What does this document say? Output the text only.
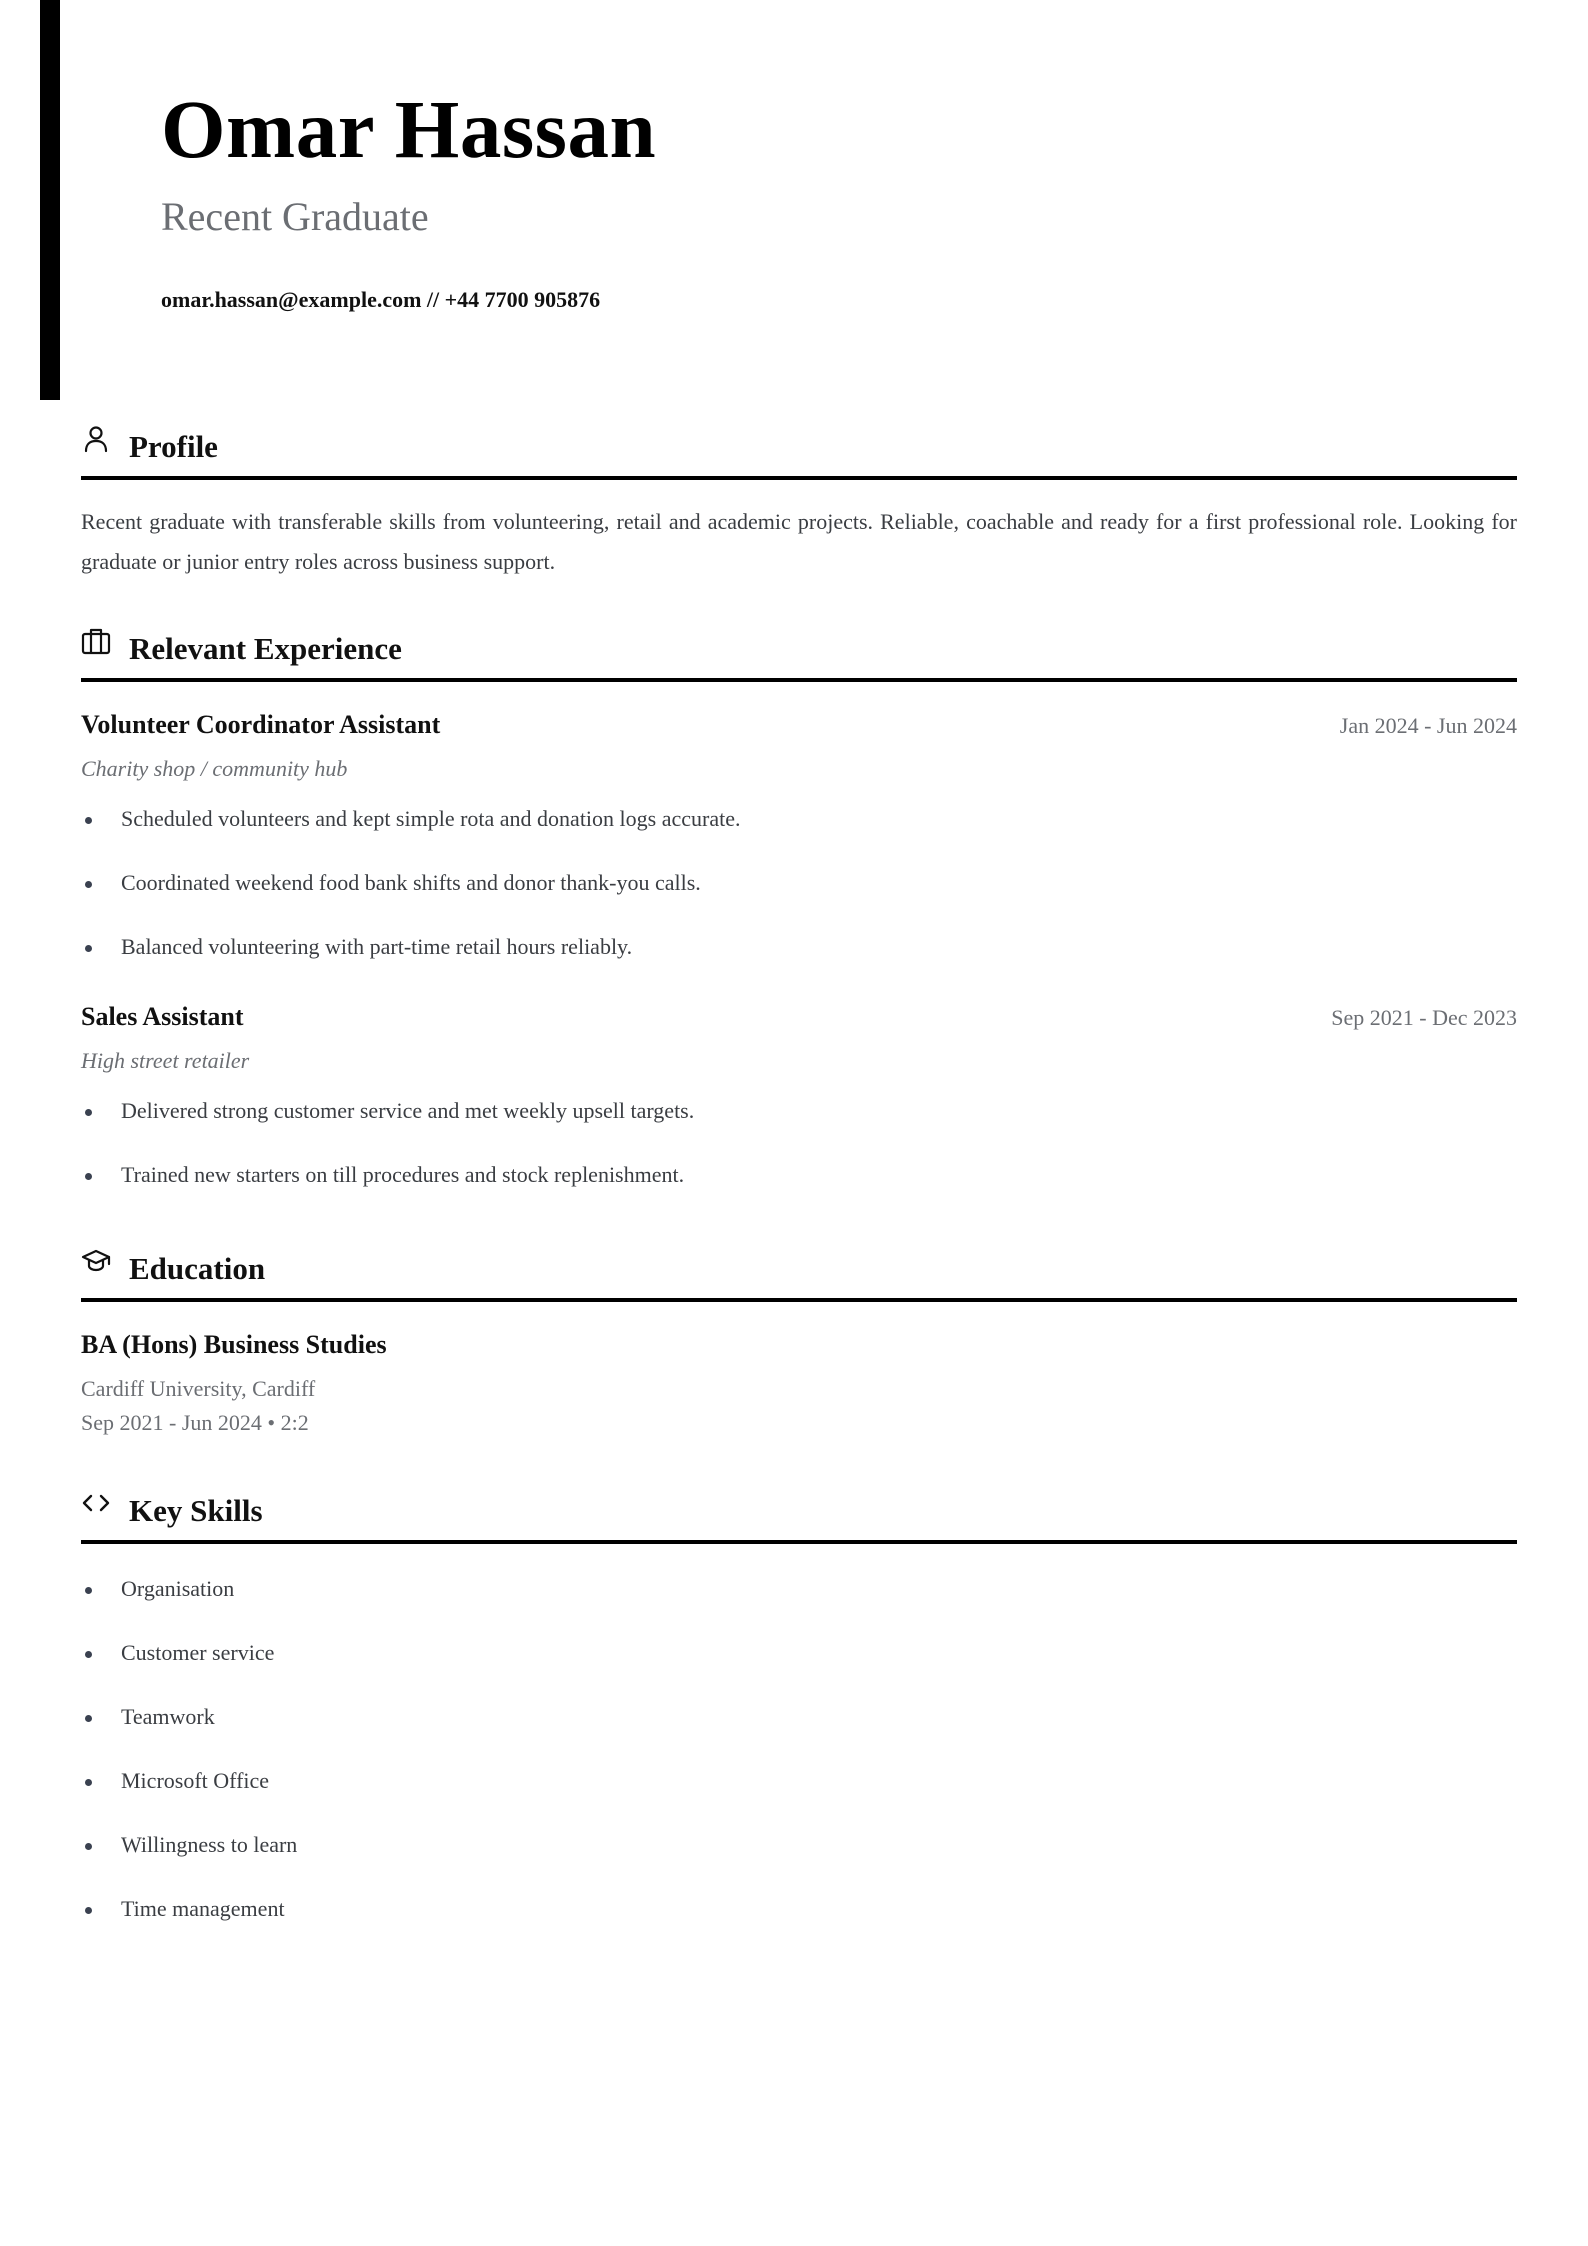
Omar Hassan
Recent Graduate
omar.hassan@example.com // +44 7700 905876
Profile
Recent graduate with transferable skills from volunteering, retail and academic projects. Reliable, coachable and ready for a first professional role. Looking for graduate or junior entry roles across business support.
Relevant Experience
Volunteer Coordinator Assistant	Jan 2024 - Jun 2024
Charity shop / community hub
Scheduled volunteers and kept simple rota and donation logs accurate.
Coordinated weekend food bank shifts and donor thank-you calls.
Balanced volunteering with part-time retail hours reliably.
Sales Assistant	Sep 2021 - Dec 2023
High street retailer
Delivered strong customer service and met weekly upsell targets.
Trained new starters on till procedures and stock replenishment.
Education
BA (Hons) Business Studies
Cardiff University, Cardiff
Sep 2021 - Jun 2024 • 2:2
Key Skills
Organisation
Customer service
Teamwork
Microsoft Office
Willingness to learn
Time management
